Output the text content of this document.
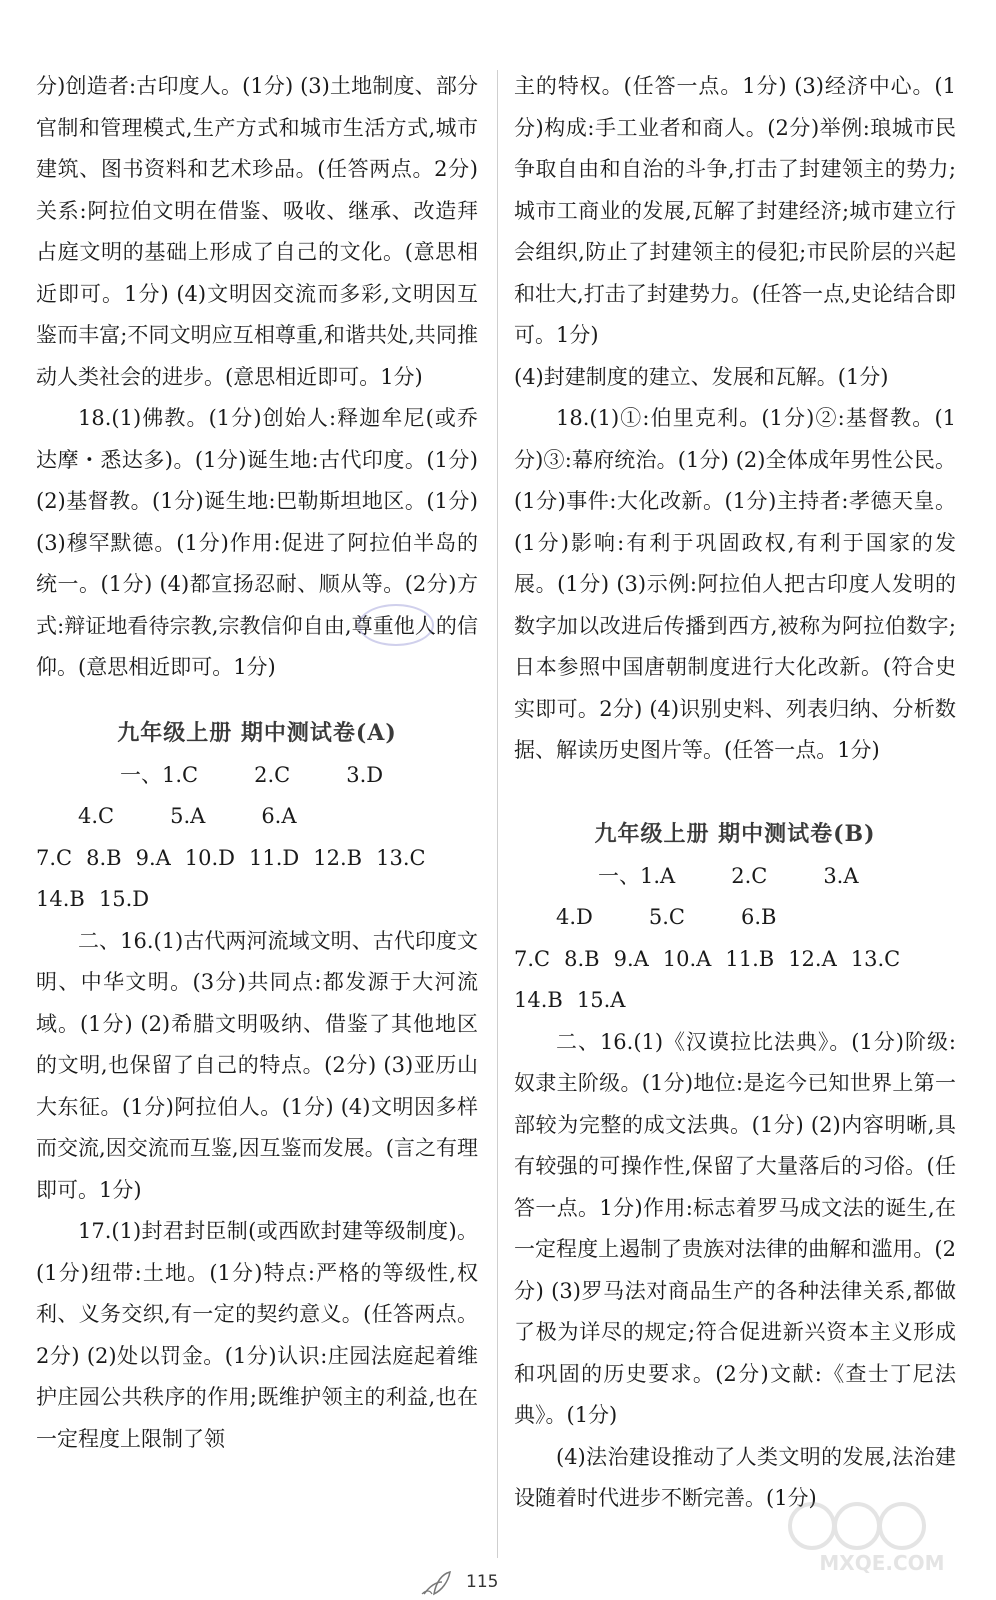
分)创造者:古印度人。(1分) (3)土地制度、部分官制和管理模式,生产方式和城市生活方式,城市建筑、图书资料和艺术珍品。(任答两点。2分)关系:阿拉伯文明在借鉴、吸收、继承、改造拜占庭文明的基础上形成了自己的文化。(意思相近即可。1分) (4)文明因交流而多彩,文明因互鉴而丰富;不同文明应互相尊重,和谐共处,共同推动人类社会的进步。(意思相近即可。1分)

18.(1)佛教。(1分)创始人:释迦牟尼(或乔达摩・悉达多)。(1分)诞生地:古代印度。(1分) (2)基督教。(1分)诞生地:巴勒斯坦地区。(1分) (3)穆罕默德。(1分)作用:促进了阿拉伯半岛的统一。(1分) (4)都宣扬忍耐、顺从等。(2分)方式:辩证地看待宗教,宗教信仰自由,尊重他人的信仰。(意思相近即可。1分)

九年级上册 期中测试卷(A)

一、1.C	2.C	3.D4.C	5.A	6.A

7.C 8.B 9.A 10.D 11.D 12.B 13.C

14.B 15.D

二、16.(1)古代两河流域文明、古代印度文明、中华文明。(3分)共同点:都发源于大河流域。(1分) (2)希腊文明吸纳、借鉴了其他地区的文明,也保留了自己的特点。(2分) (3)亚历山大东征。(1分)阿拉伯人。(1分) (4)文明因多样而交流,因交流而互鉴,因互鉴而发展。(言之有理即可。1分)

17.(1)封君封臣制(或西欧封建等级制度)。(1分)纽带:土地。(1分)特点:严格的等级性,权利、义务交织,有一定的契约意义。(任答两点。2分) (2)处以罚金。(1分)认识:庄园法庭起着维护庄园公共秩序的作用;既维护领主的利益,也在一定程度上限制了领

主的特权。(任答一点。1分) (3)经济中心。(1分)构成:手工业者和商人。(2分)举例:琅城市民争取自由和自治的斗争,打击了封建领主的势力;城市工商业的发展,瓦解了封建经济;城市建立行会组织,防止了封建领主的侵犯;市民阶层的兴起和壮大,打击了封建势力。(任答一点,史论结合即可。1分)

(4)封建制度的建立、发展和瓦解。(1分)

18.(1)①:伯里克利。(1分)②:基督教。(1分)③:幕府统治。(1分) (2)全体成年男性公民。(1分)事件:大化改新。(1分)主持者:孝德天皇。(1分)影响:有利于巩固政权,有利于国家的发展。(1分) (3)示例:阿拉伯人把古印度人发明的数字加以改进后传播到西方,被称为阿拉伯数字;日本参照中国唐朝制度进行大化改新。(符合史实即可。2分) (4)识别史料、列表归纳、分析数据、解读历史图片等。(任答一点。1分)

九年级上册 期中测试卷(B)

一、1.A	2.C	3.A4.D	5.C	6.B

7.C 8.B 9.A 10.A 11.B 12.A 13.C

14.B 15.A

二、16.(1)《汉谟拉比法典》。(1分)阶级:奴隶主阶级。(1分)地位:是迄今已知世界上第一部较为完整的成文法典。(1分) (2)内容明晰,具有较强的可操作性,保留了大量落后的习俗。(任答一点。1分)作用:标志着罗马成文法的诞生,在一定程度上遏制了贵族对法律的曲解和滥用。(2分) (3)罗马法对商品生产的各种法律关系,都做了极为详尽的规定;符合促进新兴资本主义形成和巩固的历史要求。(2分)文献:《查士丁尼法典》。(1分)

(4)法治建设推动了人类文明的发展,法治建设随着时代进步不断完善。(1分)

MXQE.COM
115
